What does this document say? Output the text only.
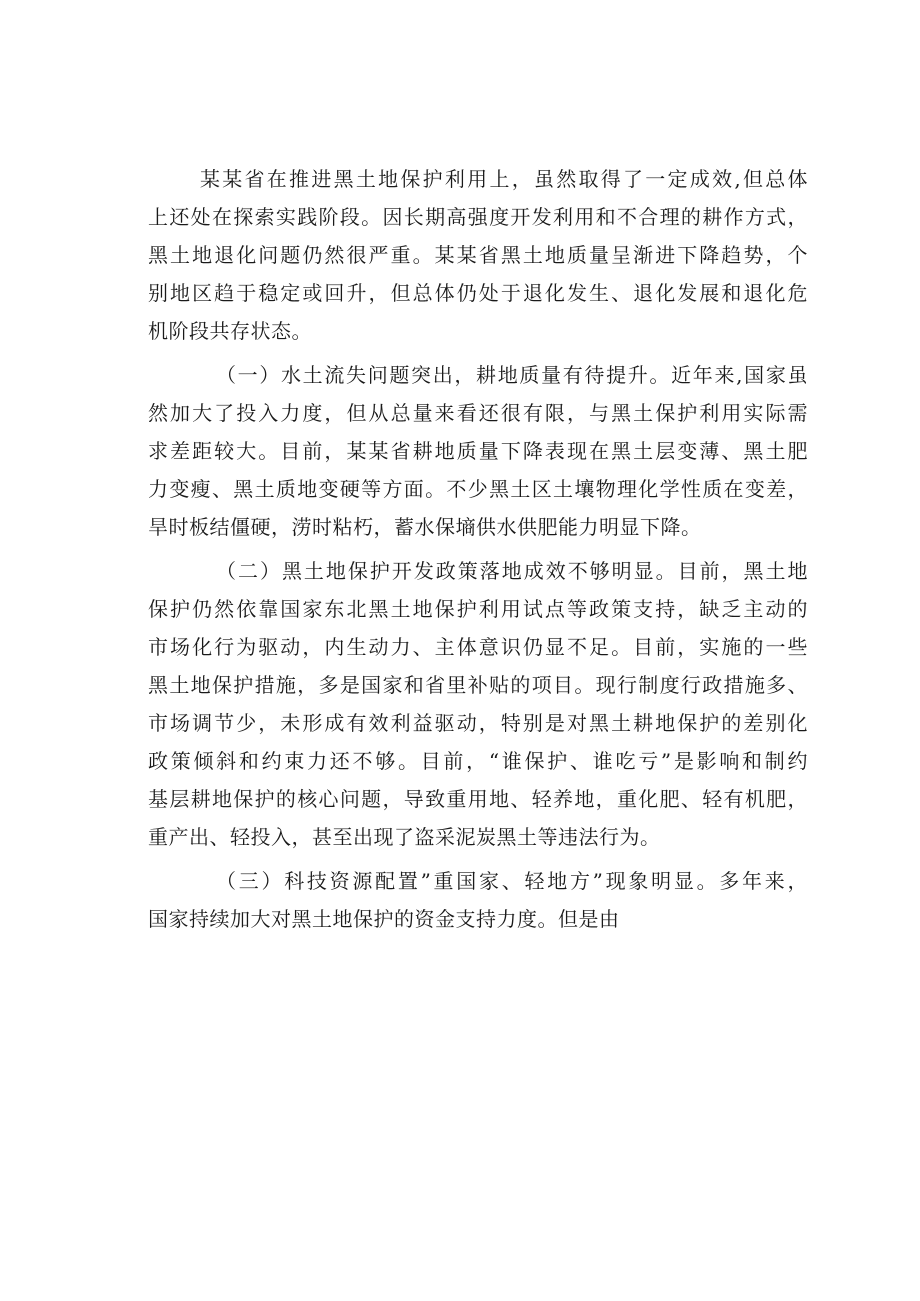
某某省在推进黑土地保护利用上，虽然取得了一定成效,但总体
上还处在探索实践阶段。因长期高强度开发利用和不合理的耕作方式，
黑土地退化问题仍然很严重。某某省黑土地质量呈渐进下降趋势，个
别地区趋于稳定或回升，但总体仍处于退化发生、退化发展和退化危
机阶段共存状态。
（一）水土流失问题突出，耕地质量有待提升。近年来,国家虽
然加大了投入力度，但从总量来看还很有限，与黑土保护利用实际需
求差距较大。目前，某某省耕地质量下降表现在黑土层变薄、黑土肥
力变瘦、黑土质地变硬等方面。不少黑土区土壤物理化学性质在变差，
旱时板结僵硬，涝时粘朽，蓄水保墒供水供肥能力明显下降。
（二）黑土地保护开发政策落地成效不够明显。目前，黑土地
保护仍然依靠国家东北黑土地保护利用试点等政策支持，缺乏主动的
市场化行为驱动，内生动力、主体意识仍显不足。目前，实施的一些
黑土地保护措施，多是国家和省里补贴的项目。现行制度行政措施多、
市场调节少，未形成有效利益驱动，特别是对黑土耕地保护的差别化
政策倾斜和约束力还不够。目前，“谁保护、谁吃亏”是影响和制约
基层耕地保护的核心问题，导致重用地、轻养地，重化肥、轻有机肥，
重产出、轻投入，甚至出现了盗采泥炭黑土等违法行为。
（三）科技资源配置”重国家、轻地方”现象明显。多年来，
国家持续加大对黑土地保护的资金支持力度。但是由
